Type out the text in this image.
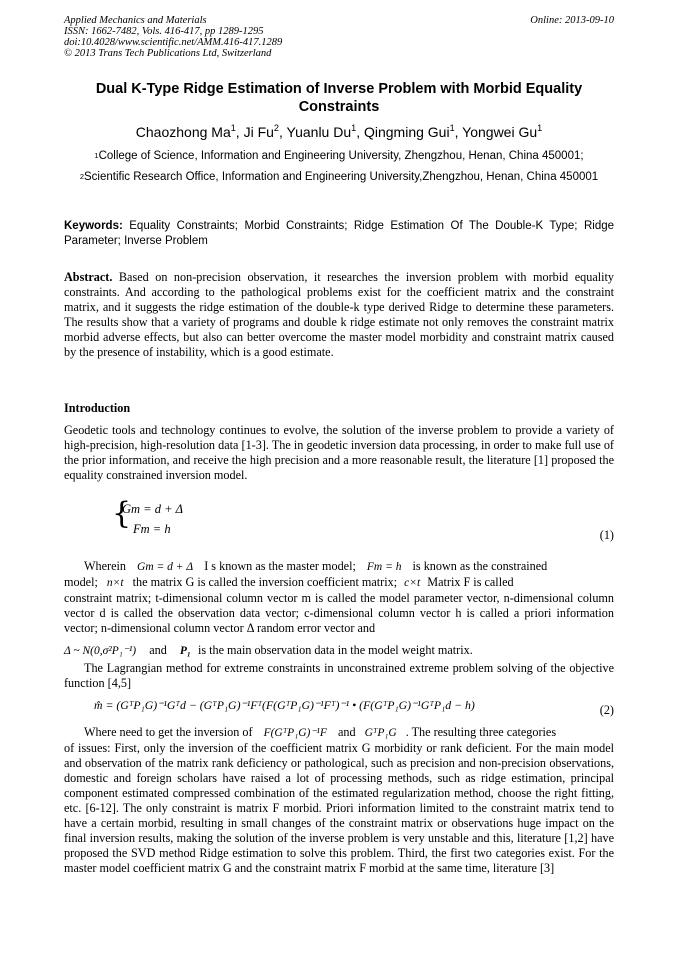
Applied Mechanics and Materials
ISSN: 1662-7482, Vols. 416-417, pp 1289-1295
doi:10.4028/www.scientific.net/AMM.416-417.1289
© 2013 Trans Tech Publications Ltd, Switzerland
Online: 2013-09-10
Dual K-Type Ridge Estimation of Inverse Problem with Morbid Equality Constraints
Chaozhong Ma$^1$, Ji Fu$^2$, Yuanlu Du$^1$, Qingming Gui$^1$, Yongwei Gu$^1$
$^1$College of Science, Information and Engineering University, Zhengzhou, Henan, China 450001;
$^2$Scientific Research Office, Information and Engineering University,Zhengzhou, Henan, China 450001
Keywords: Equality Constraints; Morbid Constraints; Ridge Estimation Of The Double-K Type; Ridge Parameter; Inverse Problem
Abstract. Based on non-precision observation, it researches the inversion problem with morbid equality constraints. And according to the pathological problems exist for the coefficient matrix and the constraint matrix, and it suggests the ridge estimation of the double-k type derived Ridge to determine these parameters. The results show that a variety of programs and double k ridge estimate not only removes the constraint matrix morbid adverse effects, but also can better overcome the master model morbidity and constraint matrix caused by the presence of instability, which is a good estimate.
Introduction
Geodetic tools and technology continues to evolve, the solution of the inverse problem to provide a variety of high-precision, high-resolution data [1-3]. The in geodetic inversion data processing, in order to make full use of the prior information, and receive the high precision and a more reasonable result, the literature [1] proposed the equality constrained inversion model.
{
Gm = d + Δ
Fm = h	(1)
Wherein Gm = d + Δ I s known as the master model; Fm = h is known as the constrained
model; n×t the matrix G is called the inversion coefficient matrix; c×t Matrix F is called
constraint matrix; t-dimensional column vector m is called the model parameter vector, n-dimensional column vector d is called the observation data vector; c-dimensional column vector h is called a priori information vector; n-dimensional column vector Δ random error vector and
Δ ~ N(0,σ²P₁⁻¹) and P₁ is the main observation data in the model weight matrix.
The Lagrangian method for extreme constraints in unconstrained extreme problem solving of the objective function [4,5]
m̂ = (GᵀP₁G)⁻¹Gᵀd − (GᵀP₁G)⁻¹Fᵀ(F(GᵀP₁G)⁻¹Fᵀ)⁻¹ • (F(GᵀP₁G)⁻¹GᵀP₁d − h)	(2)
Where need to get the inversion of F(GᵀP₁G)⁻¹F and GᵀP₁G . The resulting three categories
of issues: First, only the inversion of the coefficient matrix G morbidity or rank deficient. For the main model and observation of the matrix rank deficiency or pathological, such as precision and non-precision observations, domestic and foreign scholars have raised a lot of processing methods, such as ridge estimation, principal component estimated compressed combination of the estimated regularization method, choose the right fitting, etc. [6-12]. The only constraint is matrix F morbid. Priori information limited to the constraint matrix tend to have a certain morbid, resulting in small changes of the constraint matrix or observations huge impact on the final inversion results, making the solution of the inverse problem is very unstable and this, literature [1,2] have proposed the SVD method Ridge estimation to solve this problem. Third, the first two categories exist. For the master model coefficient matrix G and the constraint matrix F morbid at the same time, literature [3]
